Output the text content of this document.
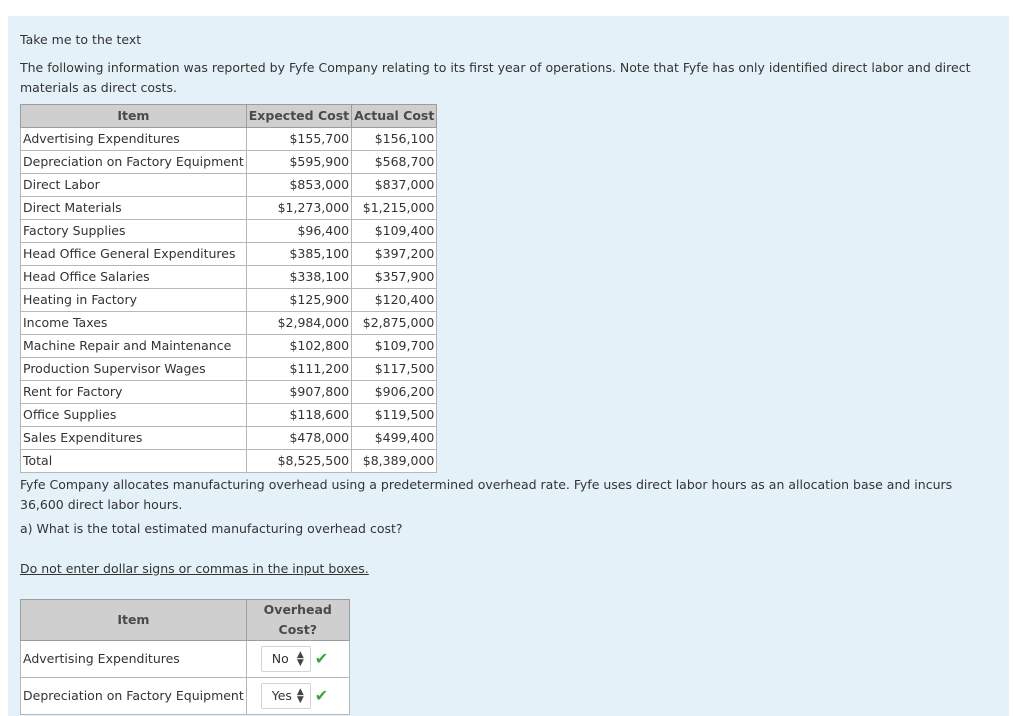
Take me to the text

The following information was reported by Fyfe Company relating to its first year of operations. Note that Fyfe has only identified direct labor and direct materials as direct costs.

Item	Expected Cost	Actual Cost
Advertising Expenditures	$155,700	$156,100
Depreciation on Factory Equipment	$595,900	$568,700
Direct Labor	$853,000	$837,000
Direct Materials	$1,273,000	$1,215,000
Factory Supplies	$96,400	$109,400
Head Office General Expenditures	$385,100	$397,200
Head Office Salaries	$338,100	$357,900
Heating in Factory	$125,900	$120,400
Income Taxes	$2,984,000	$2,875,000
Machine Repair and Maintenance	$102,800	$109,700
Production Supervisor Wages	$111,200	$117,500
Rent for Factory	$907,800	$906,200
Office Supplies	$118,600	$119,500
Sales Expenditures	$478,000	$499,400
Total	$8,525,500	$8,389,000

Fyfe Company allocates manufacturing overhead using a predetermined overhead rate. Fyfe uses direct labor hours as an allocation base and incurs 36,600 direct labor hours.

a) What is the total estimated manufacturing overhead cost?

Do not enter dollar signs or commas in the input boxes.
Item	Overhead Cost?
Advertising Expenditures	No ▲
▼ ✔

Depreciation on Factory Equipment	Yes ▲
▼ ✔
